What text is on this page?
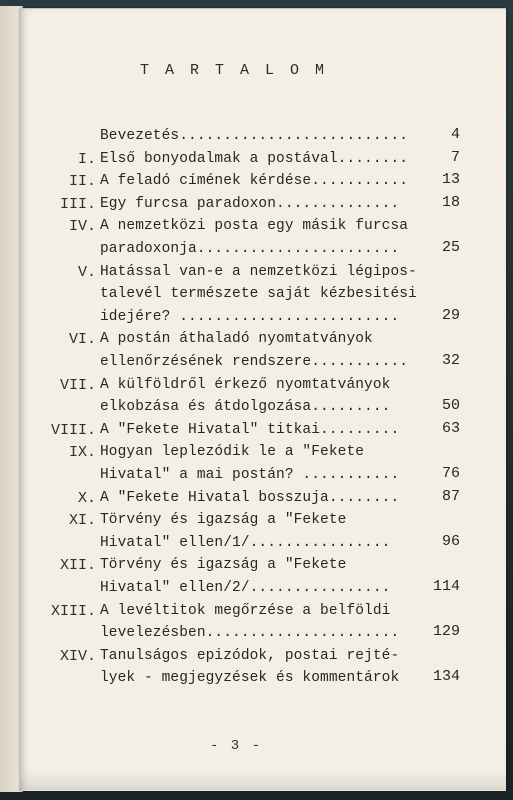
TARTALOM
Bevezetés..........................	4
I. Első bonyodalmak a postával........	7
II. A feladó címének kérdése........... 13
III. Egy furcsa paradoxon..............	18
IV. A nemzetközi posta egy másik furcsa
paradoxonja.......................	25
V. Hatással van-e a nemzetközi légipos-
talevél természete saját kézbesitési
idejére? .........................	29
VI. A postán áthaladó nyomtatványok
ellenőrzésének rendszere........... 32
VII. A külföldről érkező nyomtatványok
elkobzása és átdolgozása.........	50
VIII. A "Fekete Hivatal" titkai.........	63
IX. Hogyan leplezódik le a "Fekete
Hivatal" a mai postán? ...........	76
X. A "Fekete Hivatal bosszuja........	87
XI. Törvény és igazság a "Fekete
Hivatal" ellen/1/................	96
XII. Törvény és igazság a "Fekete
Hivatal" ellen/2/................	114
XIII. A levéltitok megőrzése a belföldi
levelezésben...................... 129
XIV. Tanulságos epizódok, postai rejté-
lyek - megjegyzések és kommentárok 134
- 3 -
